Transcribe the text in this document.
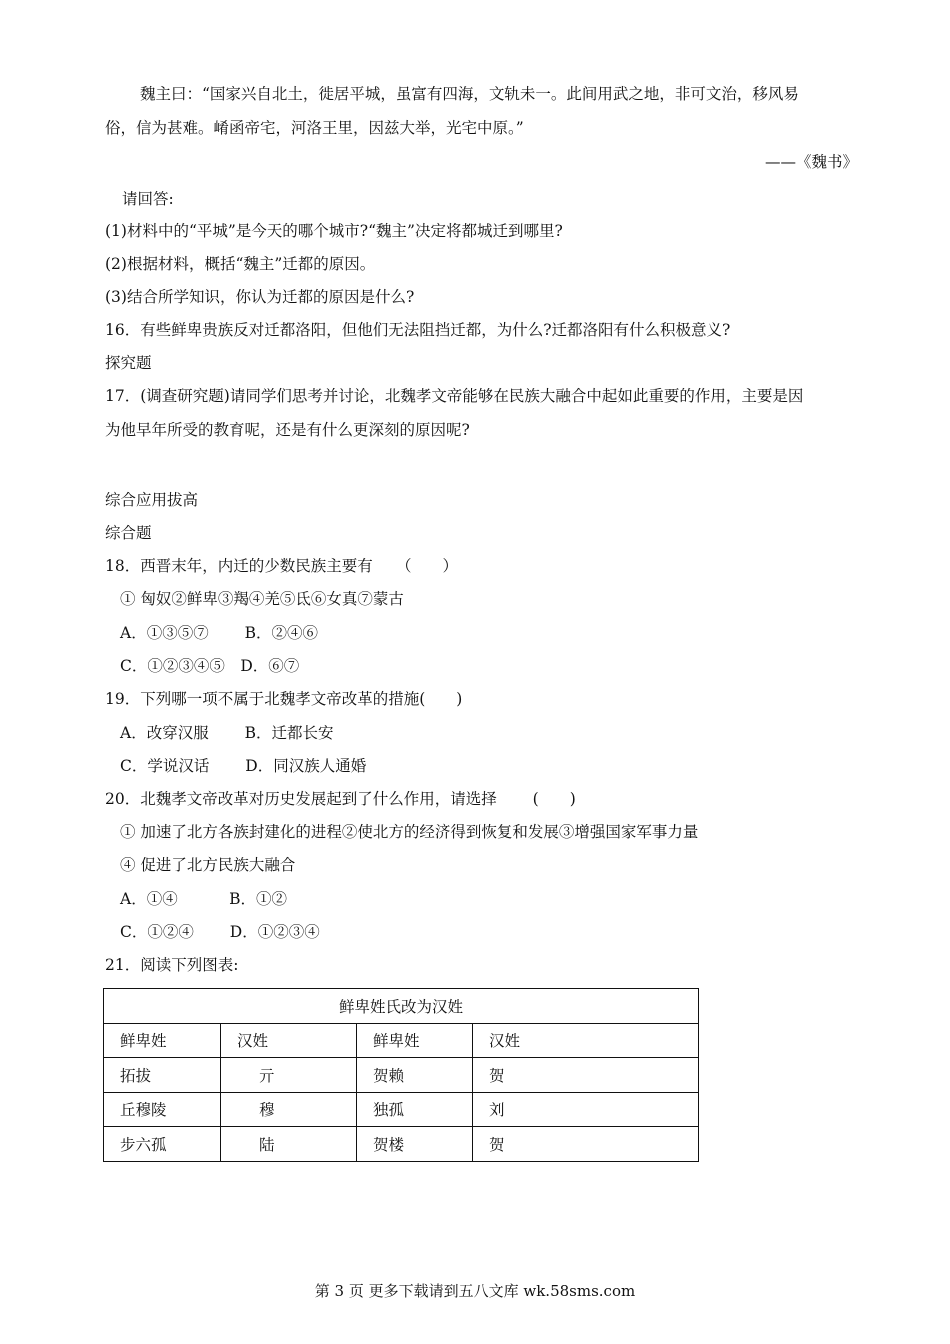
魏主曰：“国家兴自北土，徙居平城，虽富有四海，文轨未一。此间用武之地，非可文治，移风易
俗，信为甚难。崤函帝宅，河洛王里，因兹大举，光宅中原。”
——《魏书》
请回答:
(1)材料中的“平城”是今天的哪个城市?“魏主”决定将都城迁到哪里?
(2)根据材料，概括“魏主”迁都的原因。
(3)结合所学知识，你认为迁都的原因是什么?
16．有些鲜卑贵族反对迁都洛阳，但他们无法阻挡迁都，为什么?迁都洛阳有什么积极意义?
探究题
17．(调查研究题)请同学们思考并讨论，北魏孝文帝能够在民族大融合中起如此重要的作用，主要是因
为他早年所受的教育呢，还是有什么更深刻的原因呢?
综合应用拔高
综合题
18．西晋末年，内迁的少数民族主要有　　（　　）
① 匈奴②鲜卑③羯④羌⑤氐⑥女真⑦蒙古
A．①③⑤⑦　　 B．②④⑥
C．①②③④⑤　D．⑥⑦
19．下列哪一项不属于北魏孝文帝改革的措施(　　)
A．改穿汉服　　 B．迁都长安
C．学说汉话　　 D．同汉族人通婚
20．北魏孝文帝改革对历史发展起到了什么作用，请选择　　 (　　)
① 加速了北方各族封建化的进程②使北方的经济得到恢复和发展③增强国家军事力量
④ 促进了北方民族大融合
A．①④　　　 B．①②
C．①②④　　 D．①②③④
21．阅读下列图表:
鲜卑姓氏改为汉姓			
鲜卑姓	汉姓	鲜卑姓	汉姓
拓拔	亓	贺赖	贺
丘穆陵	穆	独孤	刘
步六孤	陆	贺楼	贺
第 3 页 更多下载请到五八文库 wk.58sms.com
